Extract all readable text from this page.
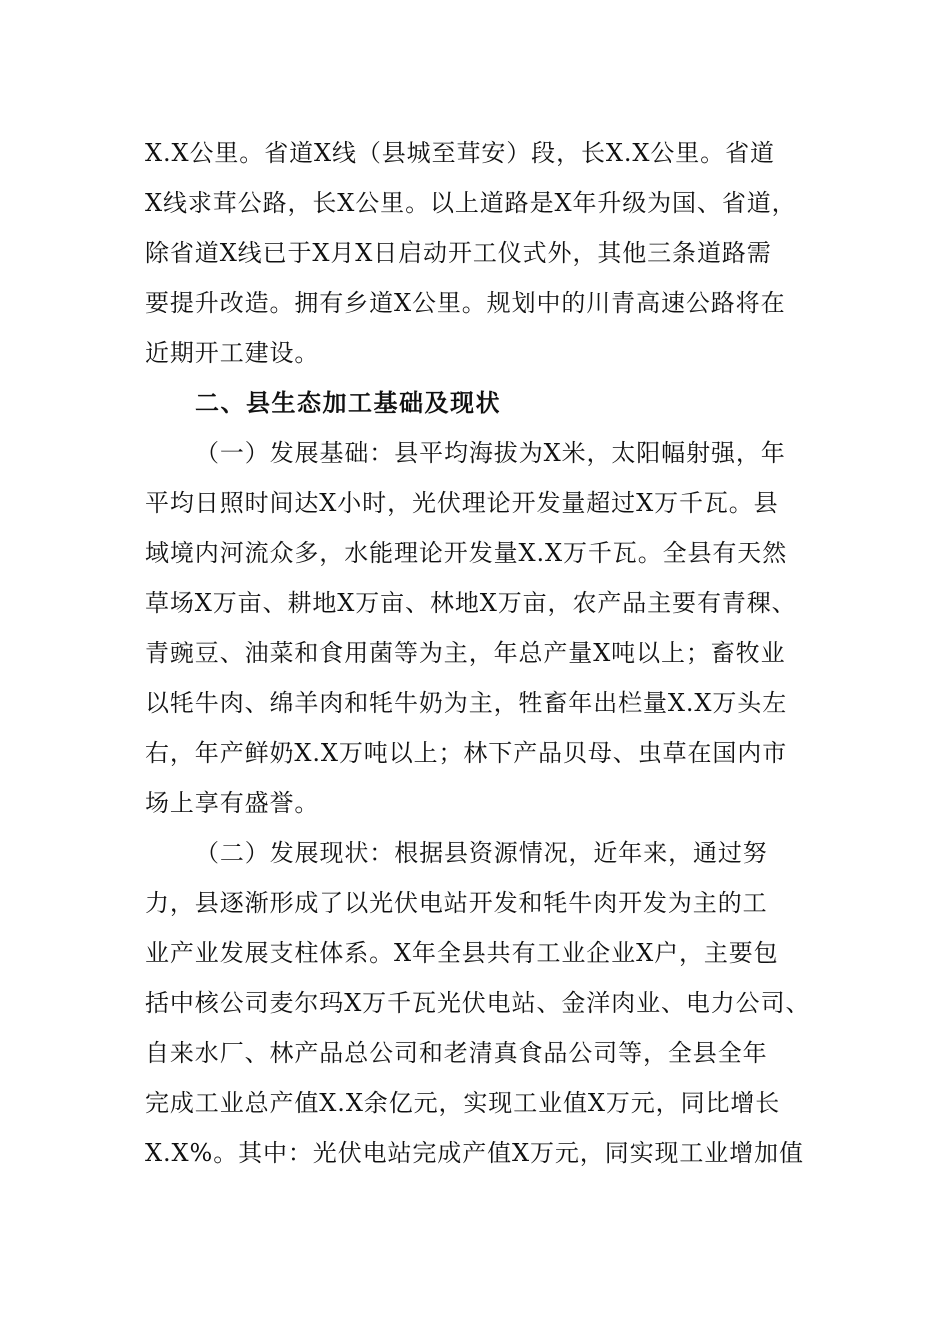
X.X公里。省道X线（县城至茸安）段，长X.X公里。省道
X线求茸公路，长X公里。以上道路是X年升级为国、省道，
除省道X线已于X月X日启动开工仪式外，其他三条道路需
要提升改造。拥有乡道X公里。规划中的川青高速公路将在
近期开工建设。
二、县生态加工基础及现状
（一）发展基础：县平均海拔为X米，太阳幅射强，年
平均日照时间达X小时，光伏理论开发量超过X万千瓦。县
域境内河流众多，水能理论开发量X.X万千瓦。全县有天然
草场X万亩、耕地X万亩、林地X万亩，农产品主要有青稞、
青豌豆、油菜和食用菌等为主，年总产量X吨以上；畜牧业
以牦牛肉、绵羊肉和牦牛奶为主，牲畜年出栏量X.X万头左
右，年产鲜奶X.X万吨以上；林下产品贝母、虫草在国内市
场上享有盛誉。
（二）发展现状：根据县资源情况，近年来，通过努
力，县逐渐形成了以光伏电站开发和牦牛肉开发为主的工
业产业发展支柱体系。X年全县共有工业企业X户，主要包
括中核公司麦尔玛X万千瓦光伏电站、金洋肉业、电力公司、
自来水厂、林产品总公司和老清真食品公司等，全县全年
完成工业总产值X.X余亿元，实现工业值X万元，同比增长
X.X%。其中：光伏电站完成产值X万元，同实现工业增加值
